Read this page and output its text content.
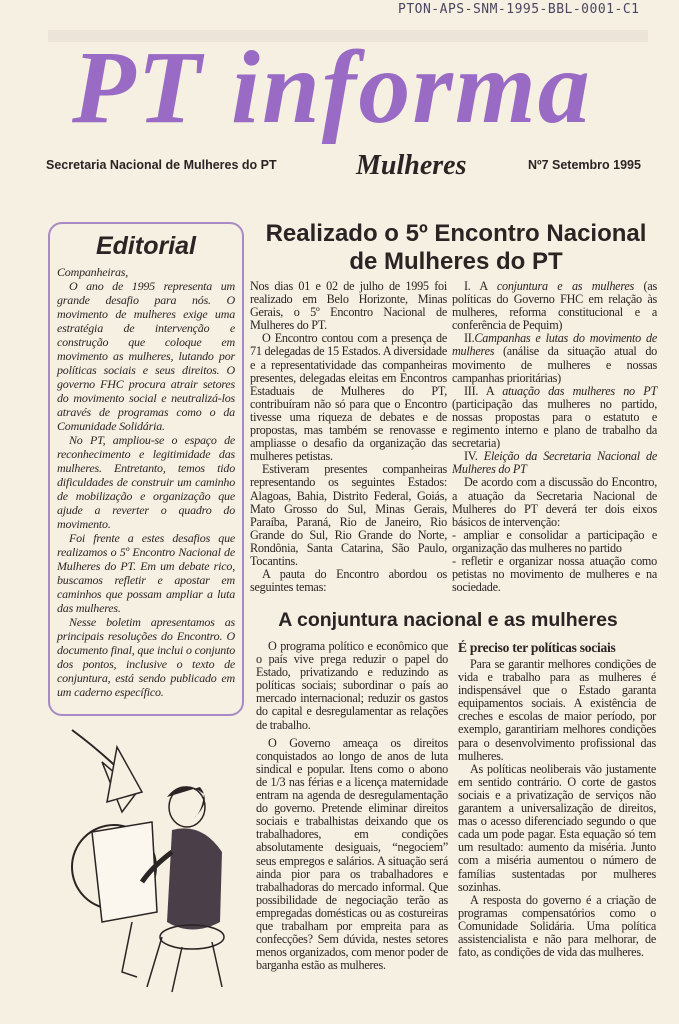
PTON-APS-SNM-1995-BBL-0001-C1
PT informa
Secretaria Nacional de Mulheres do PT	Mulheres	Nº7 Setembro 1995
Editorial

Companheiras,

O ano de 1995 representa um grande desafio para nós. O movimento de mulheres exige uma estratégia de intervenção e construção que coloque em movimento as mulheres, lutando por políticas sociais e seus direitos. O governo FHC procura atrair setores do movimento social e neutralizá-los através de programas como o da Comunidade Solidária.

No PT, ampliou-se o espaço de reconhecimento e legitimidade das mulheres. Entretanto, temos tido dificuldades de construir um caminho de mobilização e organização que ajude a reverter o quadro do movimento.

Foi frente a estes desafios que realizamos o 5º Encontro Nacional de Mulheres do PT. Em um debate rico, buscamos refletir e apostar em caminhos que possam ampliar a luta das mulheres.

Nesse boletim apresentamos as principais resoluções do Encontro. O documento final, que inclui o conjunto dos pontos, inclusive o texto de conjuntura, está sendo publicado em um caderno específico.

Realizado o 5º Encontro Nacional de Mulheres do PT

Nos dias 01 e 02 de julho de 1995 foi realizado em Belo Horizonte, Minas Gerais, o 5º Encontro Nacional de Mulheres do PT.

O Encontro contou com a presença de 71 delegadas de 15 Estados. A diversidade e a representatividade das companheiras presentes, delegadas eleitas em Encontros Estaduais de Mulheres do PT, contribuíram não só para que o Encontro tivesse uma riqueza de debates e de propostas, mas também se renovasse e ampliasse o desafio da organização das mulheres petistas.

Estiveram presentes companheiras representando os seguintes Estados: Alagoas, Bahia, Distrito Federal, Goiás, Mato Grosso do Sul, Minas Gerais, Paraíba, Paraná, Rio de Janeiro, Rio Grande do Sul, Rio Grande do Norte, Rondônia, Santa Catarina, São Paulo, Tocantins.

A pauta do Encontro abordou os seguintes temas:

I. A conjuntura e as mulheres (as políticas do Governo FHC em relação às mulheres, reforma constitucional e a conferência de Pequim)

II.Campanhas e lutas do movimento de mulheres (análise da situação atual do movimento de mulheres e nossas campanhas prioritárias)

III. A atuação das mulheres no PT (participação das mulheres no partido, nossas propostas para o estatuto e regimento interno e plano de trabalho da secretaria)

IV. Eleição da Secretaria Nacional de Mulheres do PT

De acordo com a discussão do Encontro, a atuação da Secretaria Nacional de Mulheres do PT deverá ter dois eixos básicos de intervenção:

- ampliar e consolidar a participação e organização das mulheres no partido

- refletir e organizar nossa atuação como petistas no movimento de mulheres e na sociedade.

A conjuntura nacional e as mulheres

O programa político e econômico que o país vive prega reduzir o papel do Estado, privatizando e reduzindo as políticas sociais; subordinar o país ao mercado internacional; reduzir os gastos do capital e desregulamentar as relações de trabalho.

O Governo ameaça os direitos conquistados ao longo de anos de luta sindical e popular. Itens como o abono de 1/3 nas férias e a licença maternidade entram na agenda de desregulamentação do governo. Pretende eliminar direitos sociais e trabalhistas deixando que os trabalhadores, em condições absolutamente desiguais, “negociem” seus empregos e salários. A situação será ainda pior para os trabalhadores e trabalhadoras do mercado informal. Que possibilidade de negociação terão as empregadas domésticas ou as costureiras que trabalham por empreita para as confecções? Sem dúvida, nestes setores menos organizados, com menor poder de barganha estão as mulheres.

É preciso ter políticas sociais

Para se garantir melhores condições de vida e trabalho para as mulheres é indispensável que o Estado garanta equipamentos sociais. A existência de creches e escolas de maior período, por exemplo, garantiriam melhores condições para o desenvolvimento profissional das mulheres.

As políticas neoliberais vão justamente em sentido contrário. O corte de gastos sociais e a privatização de serviços não garantem a universalização de direitos, mas o acesso diferenciado segundo o que cada um pode pagar. Esta equação só tem um resultado: aumento da miséria. Junto com a miséria aumentou o número de famílias sustentadas por mulheres sozinhas.

A resposta do governo é a criação de programas compensatórios como o Comunidade Solidária. Uma política assistencialista e não para melhorar, de fato, as condições de vida das mulheres.
